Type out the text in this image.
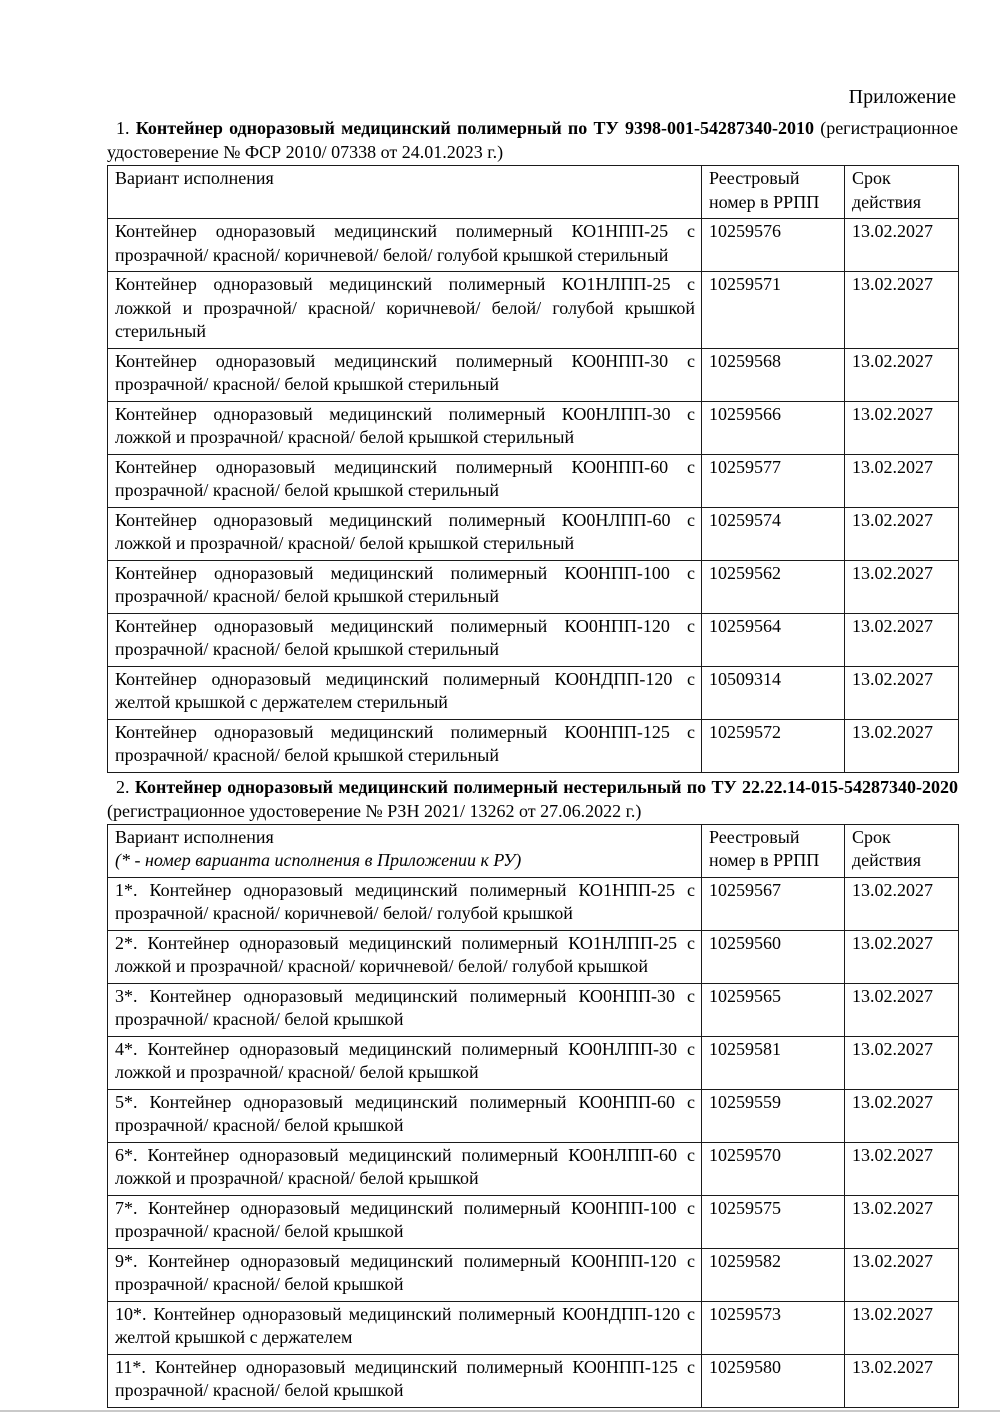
Приложение

1. Контейнер одноразовый медицинский полимерный по ТУ 9398-001-54287340-2010 (регистрационное удостоверение № ФСР 2010/ 07338 от 24.01.2023 г.)

Вариант исполнения	Реестровый номер в РРПП	Срок действия
Контейнер одноразовый медицинский полимерный КО1НПП-25 с прозрачной/ красной/ коричневой/ белой/ голубой крышкой стерильный	10259576	13.02.2027
Контейнер одноразовый медицинский полимерный КО1НЛПП-25 с ложкой и прозрачной/ красной/ коричневой/ белой/ голубой крышкой стерильный	10259571	13.02.2027
Контейнер одноразовый медицинский полимерный КО0НПП-30 с прозрачной/ красной/ белой крышкой стерильный	10259568	13.02.2027
Контейнер одноразовый медицинский полимерный КО0НЛПП-30 с ложкой и прозрачной/ красной/ белой крышкой стерильный	10259566	13.02.2027
Контейнер одноразовый медицинский полимерный КО0НПП-60 с прозрачной/ красной/ белой крышкой стерильный	10259577	13.02.2027
Контейнер одноразовый медицинский полимерный КО0НЛПП-60 с ложкой и прозрачной/ красной/ белой крышкой стерильный	10259574	13.02.2027
Контейнер одноразовый медицинский полимерный КО0НПП-100 с прозрачной/ красной/ белой крышкой стерильный	10259562	13.02.2027
Контейнер одноразовый медицинский полимерный КО0НПП-120 с прозрачной/ красной/ белой крышкой стерильный	10259564	13.02.2027
Контейнер одноразовый медицинский полимерный КО0НДПП-120 с желтой крышкой с держателем стерильный	10509314	13.02.2027
Контейнер одноразовый медицинский полимерный КО0НПП-125 с прозрачной/ красной/ белой крышкой стерильный	10259572	13.02.2027

2. Контейнер одноразовый медицинский полимерный нестерильный по ТУ 22.22.14-015-54287340-2020 (регистрационное удостоверение № РЗН 2021/ 13262 от 27.06.2022 г.)

Вариант исполнения
(* - номер варианта исполнения в Приложении к РУ)	Реестровый номер в РРПП	Срок действия
1*. Контейнер одноразовый медицинский полимерный КО1НПП-25 с прозрачной/ красной/ коричневой/ белой/ голубой крышкой	10259567	13.02.2027
2*. Контейнер одноразовый медицинский полимерный КО1НЛПП-25 с ложкой и прозрачной/ красной/ коричневой/ белой/ голубой крышкой	10259560	13.02.2027
3*. Контейнер одноразовый медицинский полимерный КО0НПП-30 с прозрачной/ красной/ белой крышкой	10259565	13.02.2027
4*. Контейнер одноразовый медицинский полимерный КО0НЛПП-30 с ложкой и прозрачной/ красной/ белой крышкой	10259581	13.02.2027
5*. Контейнер одноразовый медицинский полимерный КО0НПП-60 с прозрачной/ красной/ белой крышкой	10259559	13.02.2027
6*. Контейнер одноразовый медицинский полимерный КО0НЛПП-60 с ложкой и прозрачной/ красной/ белой крышкой	10259570	13.02.2027
7*. Контейнер одноразовый медицинский полимерный КО0НПП-100 с прозрачной/ красной/ белой крышкой	10259575	13.02.2027
9*. Контейнер одноразовый медицинский полимерный КО0НПП-120 с прозрачной/ красной/ белой крышкой	10259582	13.02.2027
10*. Контейнер одноразовый медицинский полимерный КО0НДПП-120 с желтой крышкой с держателем	10259573	13.02.2027
11*. Контейнер одноразовый медицинский полимерный КО0НПП-125 с прозрачной/ красной/ белой крышкой	10259580	13.02.2027
